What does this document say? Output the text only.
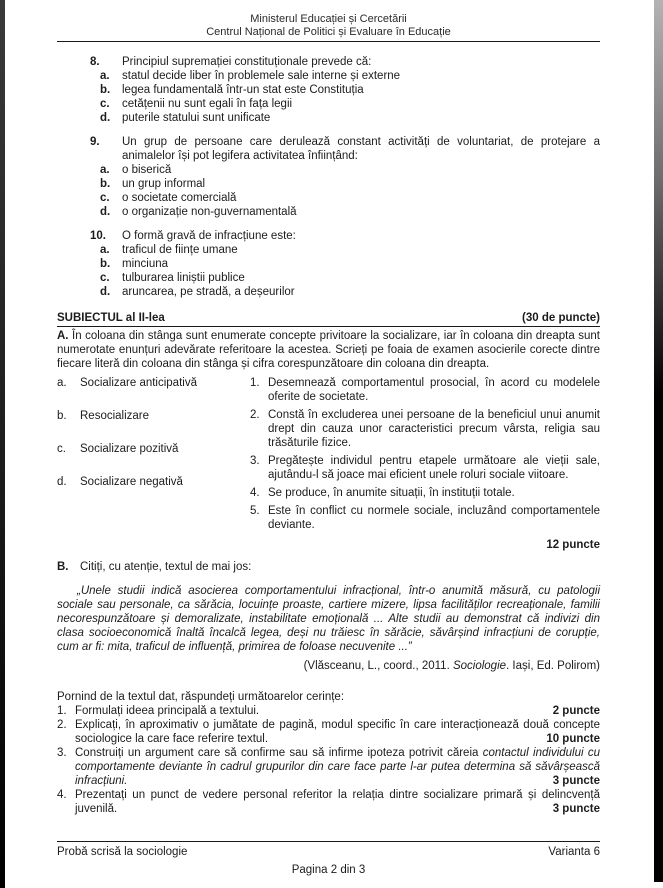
Ministerul Educației și Cercetării
Centrul Național de Politici și Evaluare în Educație
8.	Principiul supremației constituționale prevede că:
a.	statul decide liber în problemele sale interne și externe
b.	legea fundamentală într-un stat este Constituția
c.	cetățenii nu sunt egali în fața legii
d.	puterile statului sunt unificate
9.	Un grup de persoane care derulează constant activități de voluntariat, de protejare a animalelor își pot legifera activitatea înființând:
a.	o biserică
b.	un grup informal
c.	o societate comercială
d.	o organizație non-guvernamentală
10.	O formă gravă de infracțiune este:
a.	traficul de ființe umane
b.	minciuna
c.	tulburarea liniștii publice
d.	aruncarea, pe stradă, a deșeurilor
SUBIECTUL al II-lea	(30 de puncte)

A. În coloana din stânga sunt enumerate concepte privitoare la socializare, iar în coloana din dreapta sunt numerotate enunțuri adevărate referitoare la acestea. Scrieți pe foaia de examen asocierile corecte dintre fiecare literă din coloana din stânga și cifra corespunzătoare din coloana din dreapta.

a.	Socializare anticipativă
b.	Resocializare
c.	Socializare pozitivă
d.	Socializare negativă
1. Desemnează comportamentul prosocial, în acord cu modelele oferite de societate.
2. Constă în excluderea unei persoane de la beneficiul unui anumit drept din cauza unor caracteristici precum vârsta, religia sau trăsăturile fizice.
3. Pregătește individul pentru etapele următoare ale vieții sale, ajutându-l să joace mai eficient unele roluri sociale viitoare.
4. Se produce, în anumite situații, în instituții totale.
5. Este în conflict cu normele sociale, incluzând comportamentele deviante.
12 puncte
B.	Citiți, cu atenție, textul de mai jos:

„Unele studii indică asocierea comportamentului infracțional, într-o anumită măsură, cu patologii sociale sau personale, ca sărăcia, locuințe proaste, cartiere mizere, lipsa facilităților recreaționale, familii necorespunzătoare și demoralizate, instabilitate emoțională ... Alte studii au demonstrat că indivizi din clasa socioeconomică înaltă încalcă legea, deși nu trăiesc în sărăcie, săvârșind infracțiuni de corupție, cum ar fi: mita, traficul de influență, primirea de foloase necuvenite ...”

(Vlăsceanu, L., coord., 2011. Sociologie. Iași, Ed. Polirom)

Pornind de la textul dat, răspundeți următoarelor cerințe:

1. Formulați ideea principală a textului.	2 puncte
2. Explicați, în aproximativ o jumătate de pagină, modul specific în care interacționează două concepte sociologice la care face referire textul.	10 puncte
3. Construiți un argument care să confirme sau să infirme ipoteza potrivit căreia contactul individului cu comportamente deviante în cadrul grupurilor din care face parte l-ar putea determina să săvârșească infracțiuni.	3 puncte
4. Prezentați un punct de vedere personal referitor la relația dintre socializare primară și delincvență juvenilă.	3 puncte
Probă scrisă la sociologie	Varianta 6
Pagina 2 din 3
